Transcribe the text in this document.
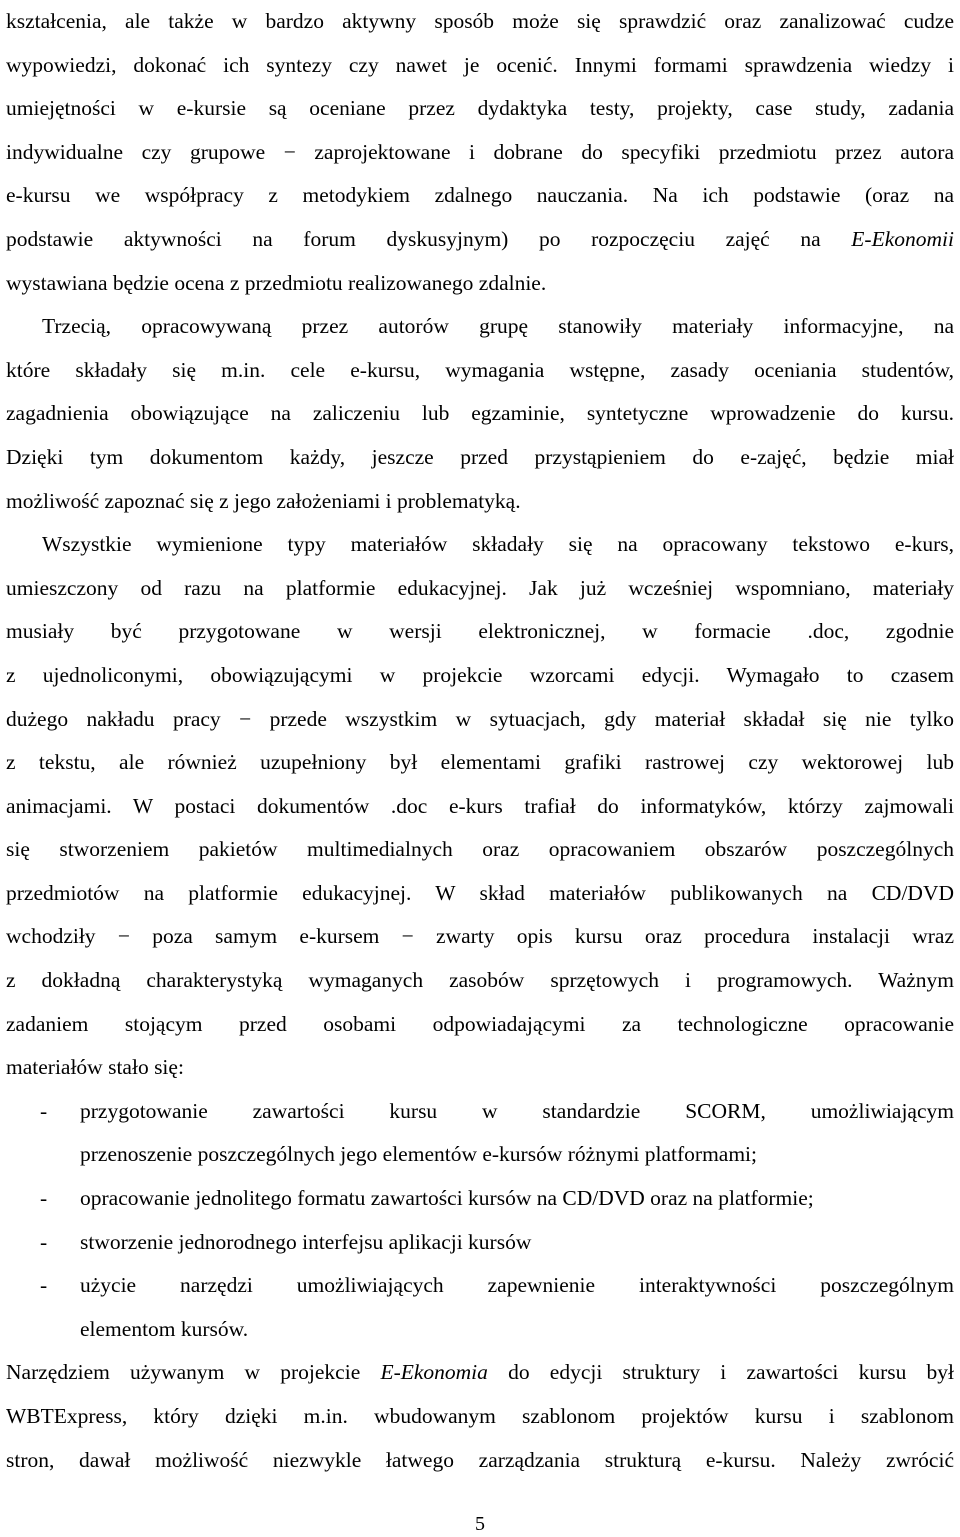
kształcenia, ale także w bardzo aktywny sposób może się sprawdzić oraz zanalizować cudze
wypowiedzi, dokonać ich syntezy czy nawet je ocenić. Innymi formami sprawdzenia wiedzy i
umiejętności w e-kursie są oceniane przez dydaktyka testy, projekty, case study, zadania
indywidualne czy grupowe − zaprojektowane i dobrane do specyfiki przedmiotu przez autora
e-kursu we współpracy z metodykiem zdalnego nauczania. Na ich podstawie (oraz na
podstawie aktywności na forum dyskusyjnym) po rozpoczęciu zajęć na E-Ekonomii
wystawiana będzie ocena z przedmiotu realizowanego zdalnie.
Trzecią, opracowywaną przez autorów grupę stanowiły materiały informacyjne, na
które składały się m.in. cele e-kursu, wymagania wstępne, zasady oceniania studentów,
zagadnienia obowiązujące na zaliczeniu lub egzaminie, syntetyczne wprowadzenie do kursu.
Dzięki tym dokumentom każdy, jeszcze przed przystąpieniem do e-zajęć, będzie miał
możliwość zapoznać się z jego założeniami i problematyką.
Wszystkie wymienione typy materiałów składały się na opracowany tekstowo e-kurs,
umieszczony od razu na platformie edukacyjnej. Jak już wcześniej wspomniano, materiały
musiały być przygotowane w wersji elektronicznej, w formacie .doc, zgodnie
z ujednoliconymi, obowiązującymi w projekcie wzorcami edycji. Wymagało to czasem
dużego nakładu pracy − przede wszystkim w sytuacjach, gdy materiał składał się nie tylko
z tekstu, ale również uzupełniony był elementami grafiki rastrowej czy wektorowej lub
animacjami. W postaci dokumentów .doc e-kurs trafiał do informatyków, którzy zajmowali
się stworzeniem pakietów multimedialnych oraz opracowaniem obszarów poszczególnych
przedmiotów na platformie edukacyjnej. W skład materiałów publikowanych na CD/DVD
wchodziły − poza samym e-kursem − zwarty opis kursu oraz procedura instalacji wraz
z dokładną charakterystyką wymaganych zasobów sprzętowych i programowych. Ważnym
zadaniem stojącym przed osobami odpowiadającymi za technologiczne opracowanie
materiałów stało się:
- przygotowanie zawartości kursu w standardzie SCORM, umożliwiającym
przenoszenie poszczególnych jego elementów e-kursów różnymi platformami;
- opracowanie jednolitego formatu zawartości kursów na CD/DVD oraz na platformie;
- stworzenie jednorodnego interfejsu aplikacji kursów
- użycie narzędzi umożliwiających zapewnienie interaktywności poszczególnym
elementom kursów.
Narzędziem używanym w projekcie E-Ekonomia do edycji struktury i zawartości kursu był
WBTExpress, który dzięki m.in. wbudowanym szablonom projektów kursu i szablonom
stron, dawał możliwość niezwykle łatwego zarządzania strukturą e-kursu. Należy zwrócić
5
